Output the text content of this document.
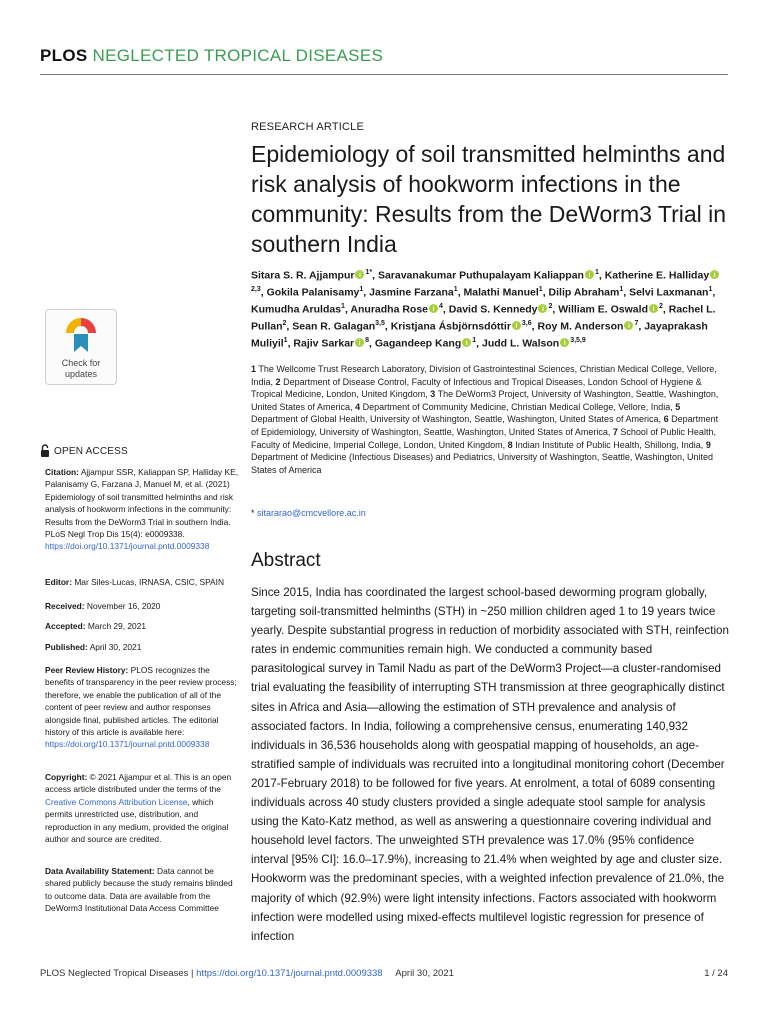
PLOS NEGLECTED TROPICAL DISEASES
RESEARCH ARTICLE
Epidemiology of soil transmitted helminths and risk analysis of hookworm infections in the community: Results from the DeWorm3 Trial in southern India
Sitara S. R. Ajjampur i $^{1*}$, Saravanakumar Puthupalayam Kaliappan i $^1$, Katherine E. Hallidayi$^{2,3}$, Gokila Palanisamy$^1$, Jasmine Farzana$^1$, Malathi Manuel$^1$, Dilip Abraham$^1$, Selvi Laxmanan$^1$, Kumudha Aruldas$^1$, Anuradha Rose i $^4$, David S. Kennedy i $^2$, William E. Oswald i $^2$, Rachel L. Pullan$^2$, Sean R. Galagan$^{3,5}$, Kristjana Ásbjörnsdóttiri $^{3,6}$, Roy M. Anderson i $^7$, Jayaprakash Muliyil$^1$, Rajiv Sarkar i $^8$, Gagandeep Kangi $^1$, Judd L. Walson i $^{3,5,9}$
1 The Wellcome Trust Research Laboratory, Division of Gastrointestinal Sciences, Christian Medical College, Vellore, India, 2 Department of Disease Control, Faculty of Infectious and Tropical Diseases, London School of Hygiene & Tropical Medicine, London, United Kingdom, 3 The DeWorm3 Project, University of Washington, Seattle, Washington, United States of America, 4 Department of Community Medicine, Christian Medical College, Vellore, India, 5 Department of Global Health, University of Washington, Seattle, Washington, United States of America, 6 Department of Epidemiology, University of Washington, Seattle, Washington, United States of America, 7 School of Public Health, Faculty of Medicine, Imperial College, London, United Kingdom, 8 Indian Institute of Public Health, Shillong, India, 9 Department of Medicine (Infectious Diseases) and Pediatrics, University of Washington, Seattle, Washington, United States of America
* sitararao@cmcvellore.ac.in
Abstract
Since 2015, India has coordinated the largest school-based deworming program globally, targeting soil-transmitted helminths (STH) in ~250 million children aged 1 to 19 years twice yearly. Despite substantial progress in reduction of morbidity associated with STH, reinfection rates in endemic communities remain high. We conducted a community based parasitological survey in Tamil Nadu as part of the DeWorm3 Project—a cluster-randomised trial evaluating the feasibility of interrupting STH transmission at three geographically distinct sites in Africa and Asia—allowing the estimation of STH prevalence and analysis of associated factors. In India, following a comprehensive census, enumerating 140,932 individuals in 36,536 households along with geospatial mapping of households, an age-stratified sample of individuals was recruited into a longitudinal monitoring cohort (December 2017-February 2018) to be followed for five years. At enrolment, a total of 6089 consenting individuals across 40 study clusters provided a single adequate stool sample for analysis using the Kato-Katz method, as well as answering a questionnaire covering individual and household level factors. The unweighted STH prevalence was 17.0% (95% confidence interval [95% CI]: 16.0–17.9%), increasing to 21.4% when weighted by age and cluster size. Hookworm was the predominant species, with a weighted infection prevalence of 21.0%, the majority of which (92.9%) were light intensity infections. Factors associated with hookworm infection were modelled using mixed-effects multilevel logistic regression for presence of infection
Check for
updates
OPEN ACCESS
Citation: Ajjampur SSR, Kaliappan SP, Halliday KE, Palanisamy G, Farzana J, Manuel M, et al. (2021) Epidemiology of soil transmitted helminths and risk analysis of hookworm infections in the community: Results from the DeWorm3 Trial in southern India. PLoS Negl Trop Dis 15(4): e0009338. https://doi.org/10.1371/journal.pntd.0009338
Editor: Mar Siles-Lucas, IRNASA, CSIC, SPAIN
Received: November 16, 2020
Accepted: March 29, 2021
Published: April 30, 2021
Peer Review History: PLOS recognizes the benefits of transparency in the peer review process; therefore, we enable the publication of all of the content of peer review and author responses alongside final, published articles. The editorial history of this article is available here: https://doi.org/10.1371/journal.pntd.0009338
Copyright: © 2021 Ajjampur et al. This is an open access article distributed under the terms of the Creative Commons Attribution License, which permits unrestricted use, distribution, and reproduction in any medium, provided the original author and source are credited.
Data Availability Statement: Data cannot be shared publicly because the study remains blinded to outcome data. Data are available from the DeWorm3 Institutional Data Access Committee
PLOS Neglected Tropical Diseases | https://doi.org/10.1371/journal.pntd.0009338 April 30, 2021	1 / 24
